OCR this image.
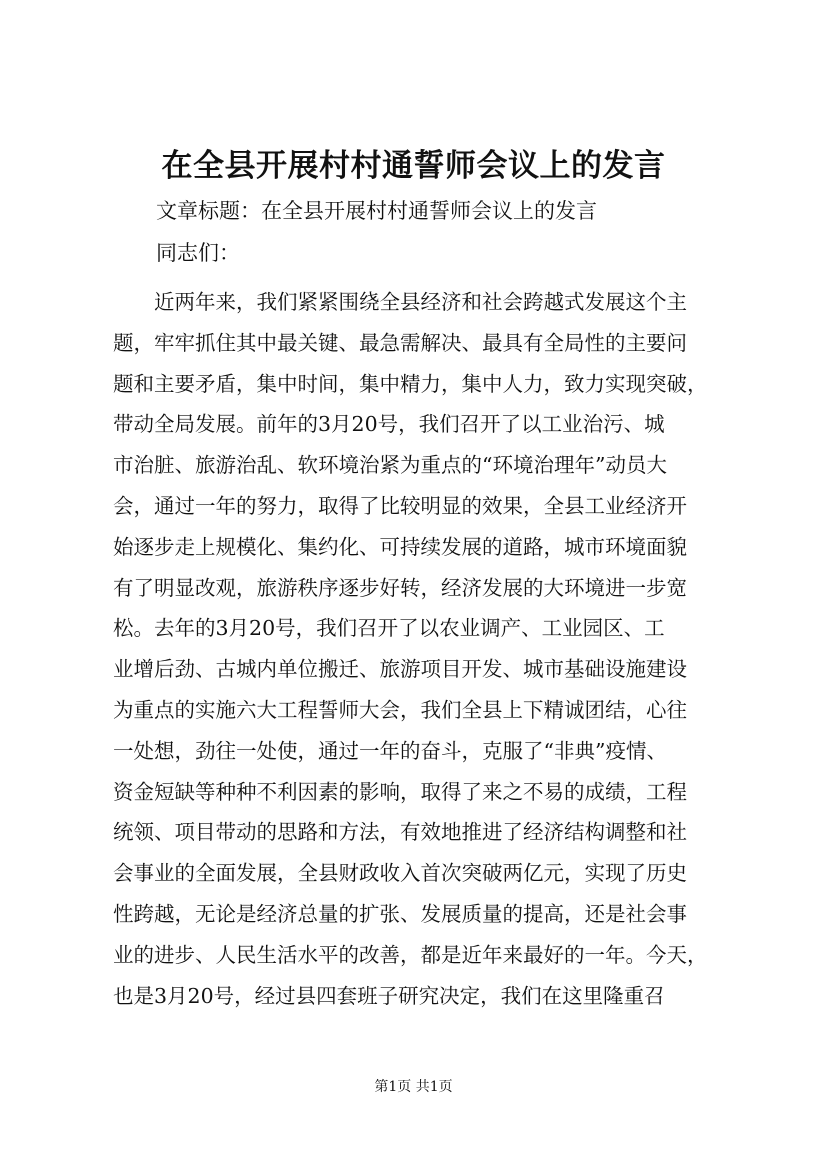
在全县开展村村通誓师会议上的发言
文章标题：在全县开展村村通誓师会议上的发言
同志们：
近两年来，我们紧紧围绕全县经济和社会跨越式发展这个主
题，牢牢抓住其中最关键、最急需解决、最具有全局性的主要问
题和主要矛盾，集中时间，集中精力，集中人力，致力实现突破，
带动全局发展。前年的3月20号，我们召开了以工业治污、城
市治脏、旅游治乱、软环境治紧为重点的“环境治理年”动员大
会，通过一年的努力，取得了比较明显的效果，全县工业经济开
始逐步走上规模化、集约化、可持续发展的道路，城市环境面貌
有了明显改观，旅游秩序逐步好转，经济发展的大环境进一步宽
松。去年的3月20号，我们召开了以农业调产、工业园区、工
业增后劲、古城内单位搬迁、旅游项目开发、城市基础设施建设
为重点的实施六大工程誓师大会，我们全县上下精诚团结，心往
一处想，劲往一处使，通过一年的奋斗，克服了“非典”疫情、
资金短缺等种种不利因素的影响，取得了来之不易的成绩，工程
统领、项目带动的思路和方法，有效地推进了经济结构调整和社
会事业的全面发展，全县财政收入首次突破两亿元，实现了历史
性跨越，无论是经济总量的扩张、发展质量的提高，还是社会事
业的进步、人民生活水平的改善，都是近年来最好的一年。今天，
也是3月20号，经过县四套班子研究决定，我们在这里隆重召
第1页 共1页
